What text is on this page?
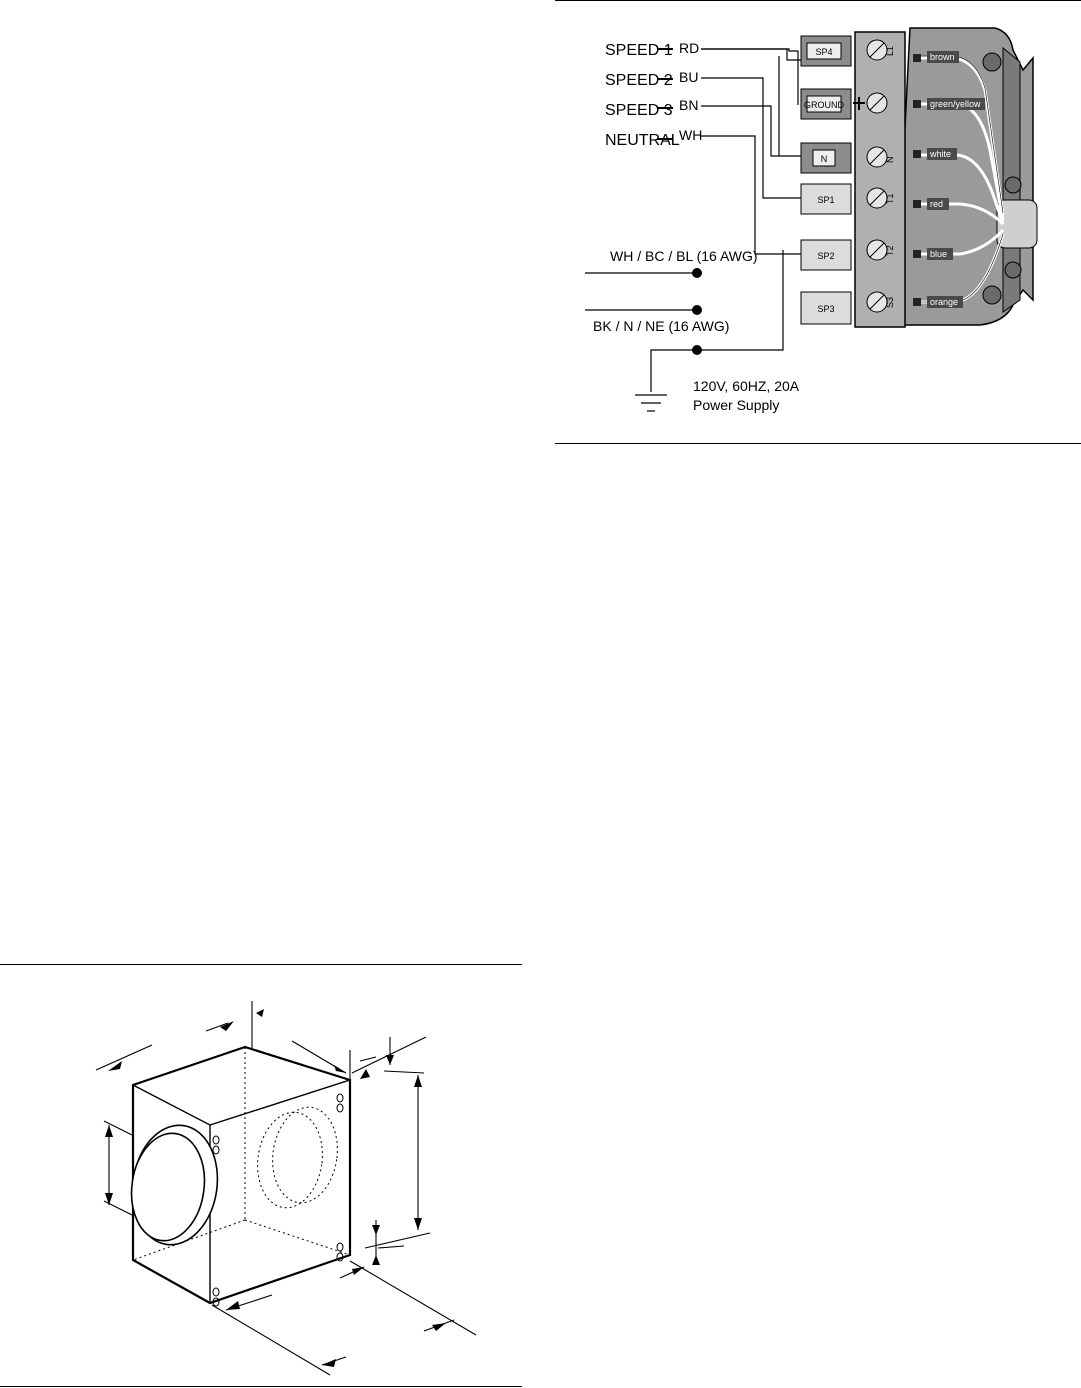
SPEED 1 RD
SPEED 2 BU
SPEED 3 BN
NEUTRAL WH
SP4
GROUND
N
SP1
SP2
SP3
L1
N
T1
T2
S3
brown
green/yellow
white
red
blue
orange
WH / BC / BL (16 AWG)
BK / N / NE (16 AWG)
120V, 60HZ, 20A
Power Supply
